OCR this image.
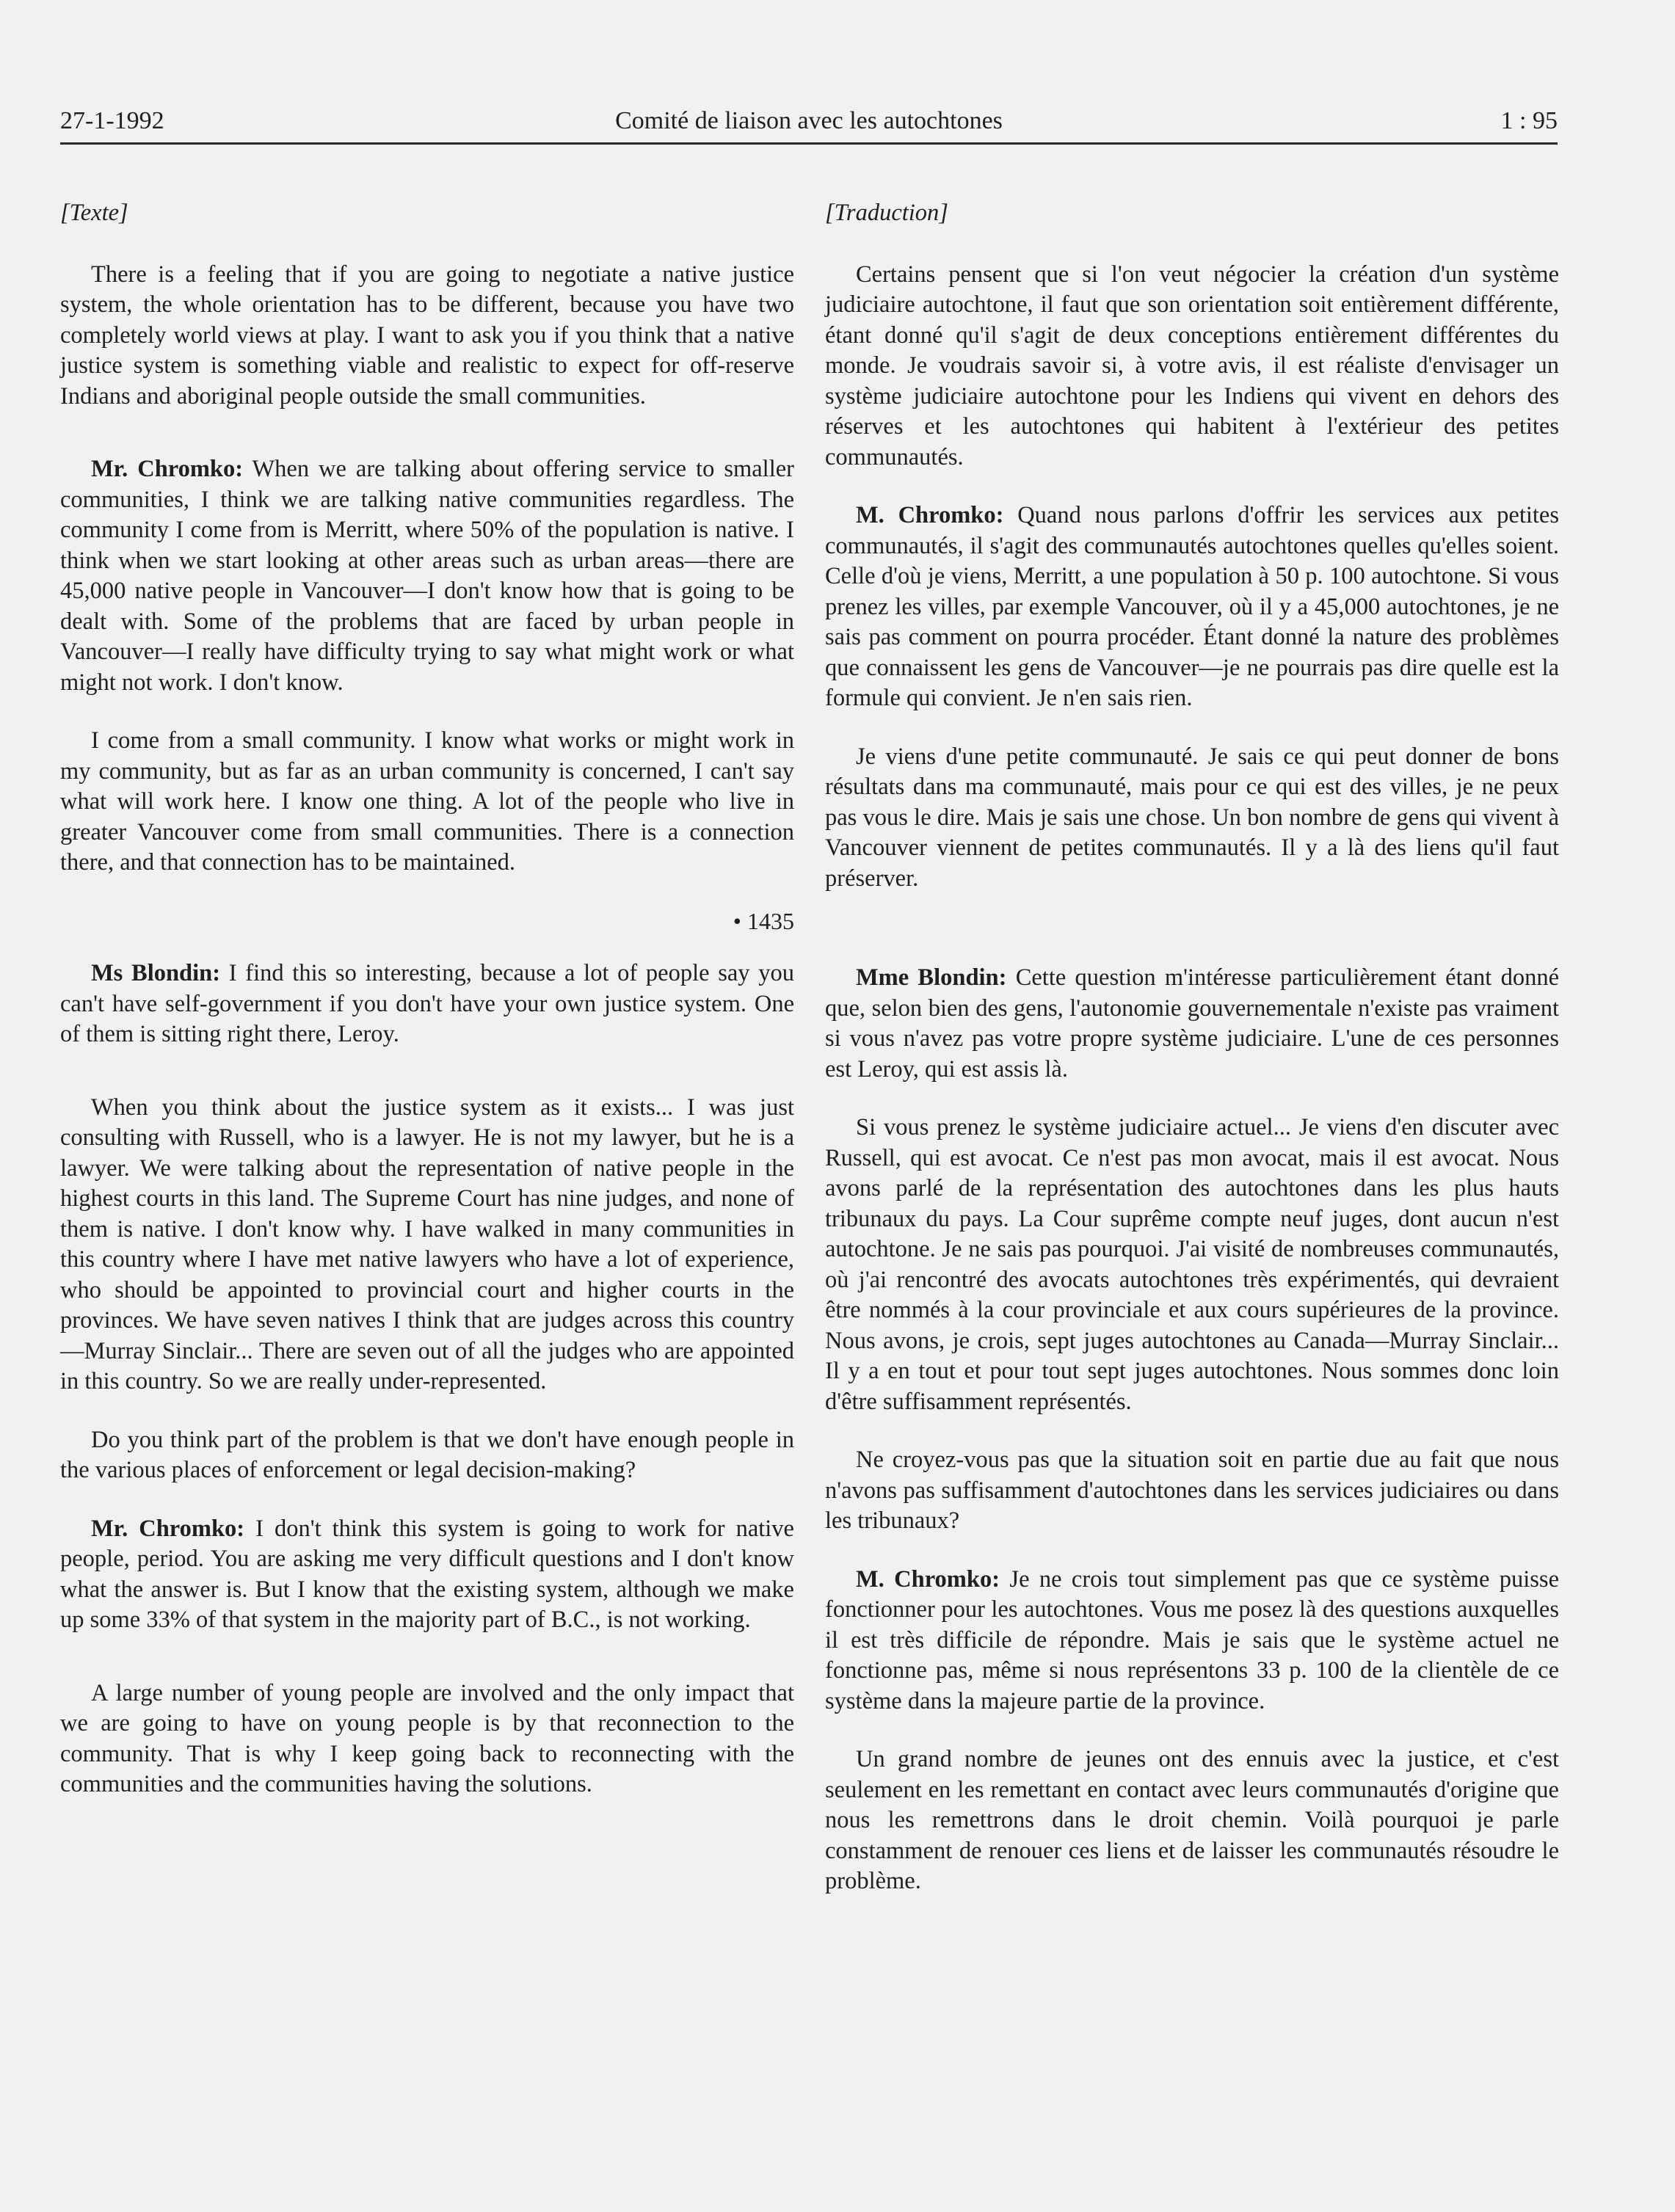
27-1-1992	Comité de liaison avec les autochtones	1 : 95
[Texte]

There is a feeling that if you are going to negotiate a native justice system, the whole orientation has to be different, because you have two completely world views at play. I want to ask you if you think that a native justice system is something viable and realistic to expect for off-reserve Indians and aboriginal people outside the small communities.

Mr. Chromko: When we are talking about offering service to smaller communities, I think we are talking native communities regardless. The community I come from is Merritt, where 50% of the population is native. I think when we start looking at other areas such as urban areas—there are 45,000 native people in Vancouver—I don't know how that is going to be dealt with. Some of the problems that are faced by urban people in Vancouver—I really have difficulty trying to say what might work or what might not work. I don't know.

I come from a small community. I know what works or might work in my community, but as far as an urban community is concerned, I can't say what will work here. I know one thing. A lot of the people who live in greater Vancouver come from small communities. There is a connection there, and that connection has to be maintained.

• 1435

Ms Blondin: I find this so interesting, because a lot of people say you can't have self-government if you don't have your own justice system. One of them is sitting right there, Leroy.

When you think about the justice system as it exists... I was just consulting with Russell, who is a lawyer. He is not my lawyer, but he is a lawyer. We were talking about the representation of native people in the highest courts in this land. The Supreme Court has nine judges, and none of them is native. I don't know why. I have walked in many communities in this country where I have met native lawyers who have a lot of experience, who should be appointed to provincial court and higher courts in the provinces. We have seven natives I think that are judges across this country—Murray Sinclair... There are seven out of all the judges who are appointed in this country. So we are really under-represented.

Do you think part of the problem is that we don't have enough people in the various places of enforcement or legal decision-making?

Mr. Chromko: I don't think this system is going to work for native people, period. You are asking me very difficult questions and I don't know what the answer is. But I know that the existing system, although we make up some 33% of that system in the majority part of B.C., is not working.

A large number of young people are involved and the only impact that we are going to have on young people is by that reconnection to the community. That is why I keep going back to reconnecting with the communities and the communities having the solutions.

[Traduction]

Certains pensent que si l'on veut négocier la création d'un système judiciaire autochtone, il faut que son orientation soit entièrement différente, étant donné qu'il s'agit de deux conceptions entièrement différentes du monde. Je voudrais savoir si, à votre avis, il est réaliste d'envisager un système judiciaire autochtone pour les Indiens qui vivent en dehors des réserves et les autochtones qui habitent à l'extérieur des petites communautés.

M. Chromko: Quand nous parlons d'offrir les services aux petites communautés, il s'agit des communautés autochtones quelles qu'elles soient. Celle d'où je viens, Merritt, a une population à 50 p. 100 autochtone. Si vous prenez les villes, par exemple Vancouver, où il y a 45,000 autochtones, je ne sais pas comment on pourra procéder. Étant donné la nature des problèmes que connaissent les gens de Vancouver—je ne pourrais pas dire quelle est la formule qui convient. Je n'en sais rien.

Je viens d'une petite communauté. Je sais ce qui peut donner de bons résultats dans ma communauté, mais pour ce qui est des villes, je ne peux pas vous le dire. Mais je sais une chose. Un bon nombre de gens qui vivent à Vancouver viennent de petites communautés. Il y a là des liens qu'il faut préserver.

Mme Blondin: Cette question m'intéresse particulièrement étant donné que, selon bien des gens, l'autonomie gouvernementale n'existe pas vraiment si vous n'avez pas votre propre système judiciaire. L'une de ces personnes est Leroy, qui est assis là.

Si vous prenez le système judiciaire actuel... Je viens d'en discuter avec Russell, qui est avocat. Ce n'est pas mon avocat, mais il est avocat. Nous avons parlé de la représentation des autochtones dans les plus hauts tribunaux du pays. La Cour suprême compte neuf juges, dont aucun n'est autochtone. Je ne sais pas pourquoi. J'ai visité de nombreuses communautés, où j'ai rencontré des avocats autochtones très expérimentés, qui devraient être nommés à la cour provinciale et aux cours supérieures de la province. Nous avons, je crois, sept juges autochtones au Canada—Murray Sinclair... Il y a en tout et pour tout sept juges autochtones. Nous sommes donc loin d'être suffisamment représentés.

Ne croyez-vous pas que la situation soit en partie due au fait que nous n'avons pas suffisamment d'autochtones dans les services judiciaires ou dans les tribunaux?

M. Chromko: Je ne crois tout simplement pas que ce système puisse fonctionner pour les autochtones. Vous me posez là des questions auxquelles il est très difficile de répondre. Mais je sais que le système actuel ne fonctionne pas, même si nous représentons 33 p. 100 de la clientèle de ce système dans la majeure partie de la province.

Un grand nombre de jeunes ont des ennuis avec la justice, et c'est seulement en les remettant en contact avec leurs communautés d'origine que nous les remettrons dans le droit chemin. Voilà pourquoi je parle constamment de renouer ces liens et de laisser les communautés résoudre le problème.
